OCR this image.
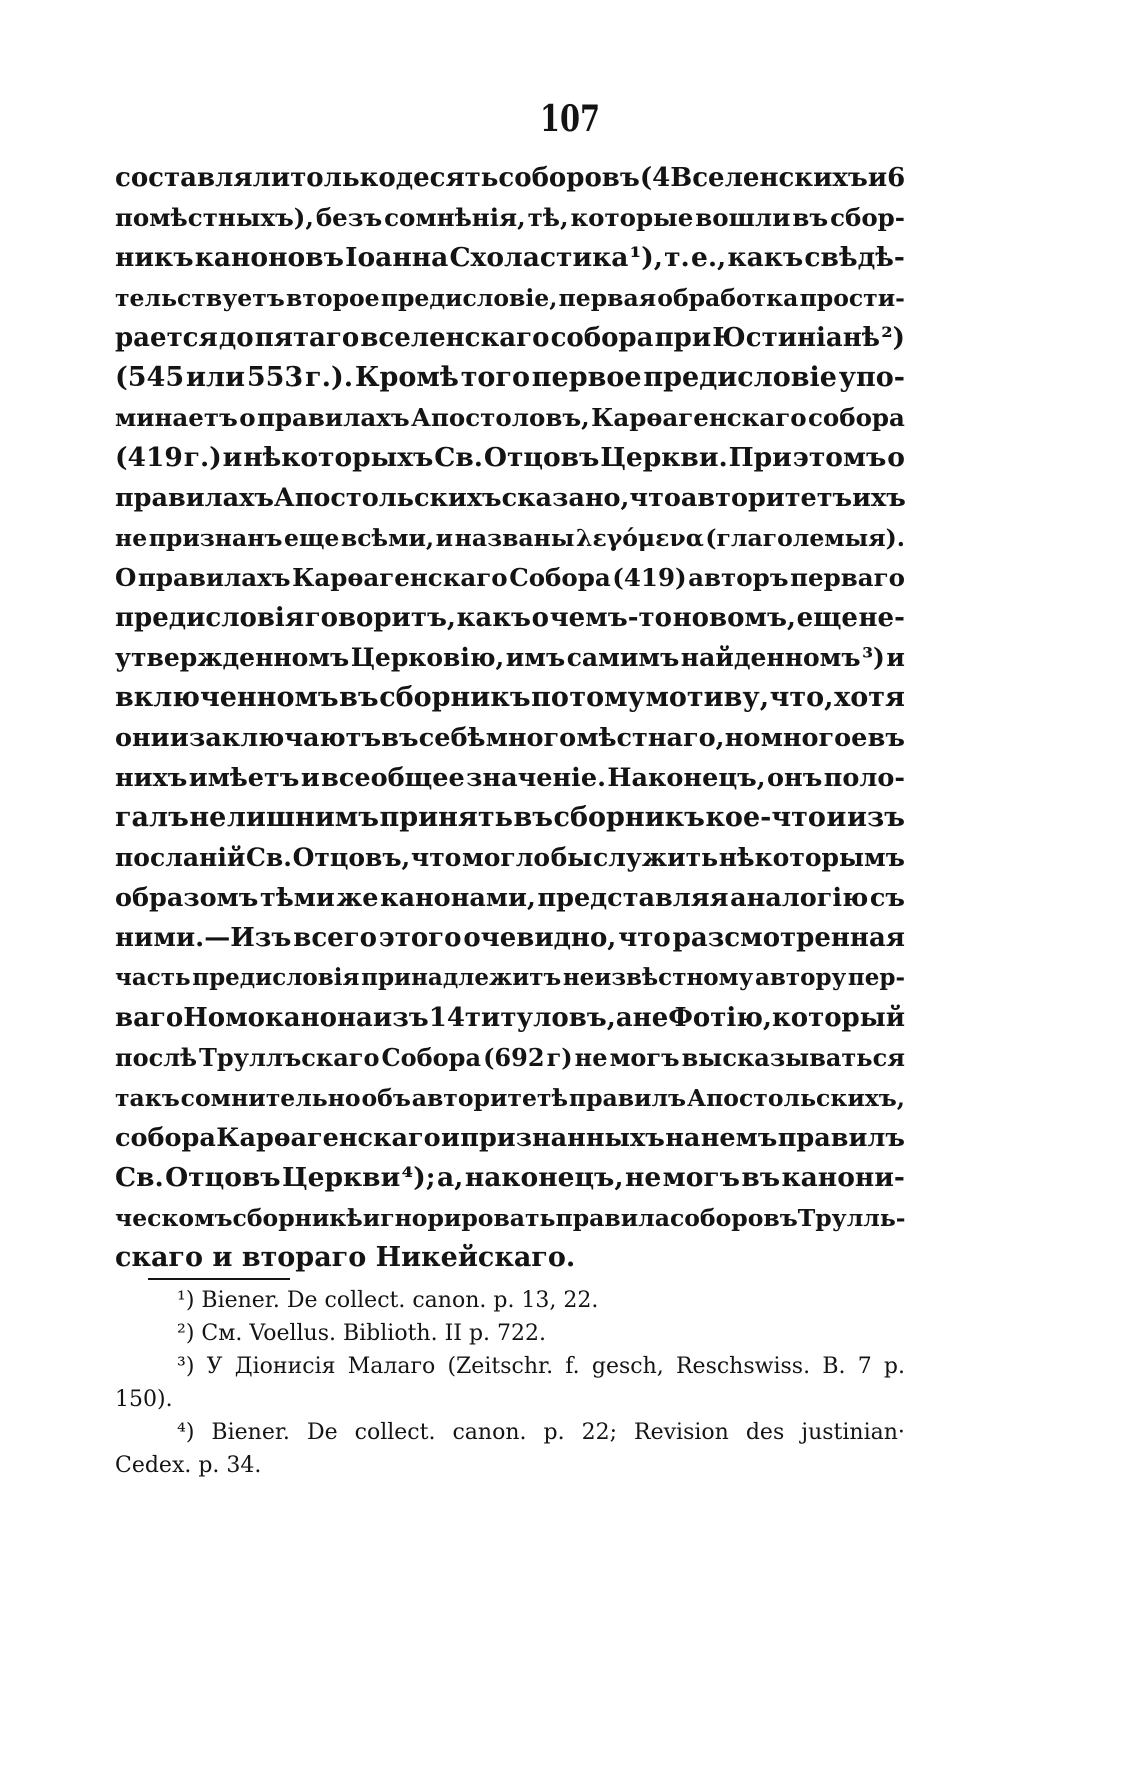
107
составляли только десять соборовъ (4 Вселенскихъ и 6
помѣстныхъ), безъ сомнѣнія, тѣ, которые вошли въ сбор-
никъ каноновъ Іоанна Схоластика ¹), т. е., какъ свѣдѣ-
тельствуетъ второе предисловіе, первая обработка прости-
рается до пятаго вселенскаго собора при Юстиніанѣ ²)
(545 или 553 г.). Кромѣ того первое предисловіе упо-
минаетъ о правилахъ Апостоловъ, Карѳагенскаго собора
(419 г.) и нѣкоторыхъ Св. Отцовъ Церкви. При этомъ о
правилахъ Апостольскихъ сказано, что авторитетъ ихъ
не признанъ еще всѣми, и названы λεγόμενα (глаголемыя).
О правилахъ Карѳагенскаго Собора (419) авторъ перваго
предисловія говоритъ, какъ о чемъ-то новомъ, еще не-
утвержденномъ Церковію, имъ самимъ найденномъ ³) и
включенномъ въ сборникъ по тому мотиву, что, хотя
они и заключаютъ въ себѣ много мѣстнаго, но многое въ
нихъ имѣетъ и всеобщее значеніе. Наконецъ, онъ поло-
галъ не лишнимъ принять въ сборникъ кое-что и изъ
посланій Св. Отцовъ, что могло бы служить нѣкоторымъ
образомъ тѣми же канонами, представляя аналогію съ
ними.—Изъ всего этого очевидно, что разсмотренная
часть предисловія принадлежитъ неизвѣстному автору пер-
ваго Номоканона изъ 14 титуловъ, а не Фотію, который
послѣ Труллъскаго Собора (692 г) не могъ высказываться
такъ сомнительно объ авторитетѣ правилъ Апостольскихъ,
собора Карѳагенскаго и признанныхъ на немъ правилъ
Св. Отцовъ Церкви ⁴); а, наконецъ, не могъ въ канони-
ческомъ сборникѣ игнорировать правила соборовъ Трулль-
скаго и втораго Никейскаго.
¹) Biener. De collect. canon. p. 13, 22.
²) См. Voellus. Biblioth. II p. 722.
³) У Діонисія Малаго (Zeitschr. f. gesch, Reschswiss. B. 7 p.
150).
⁴) Biener. De collect. canon. p. 22; Revision des justinian·
Cedex. p. 34.
